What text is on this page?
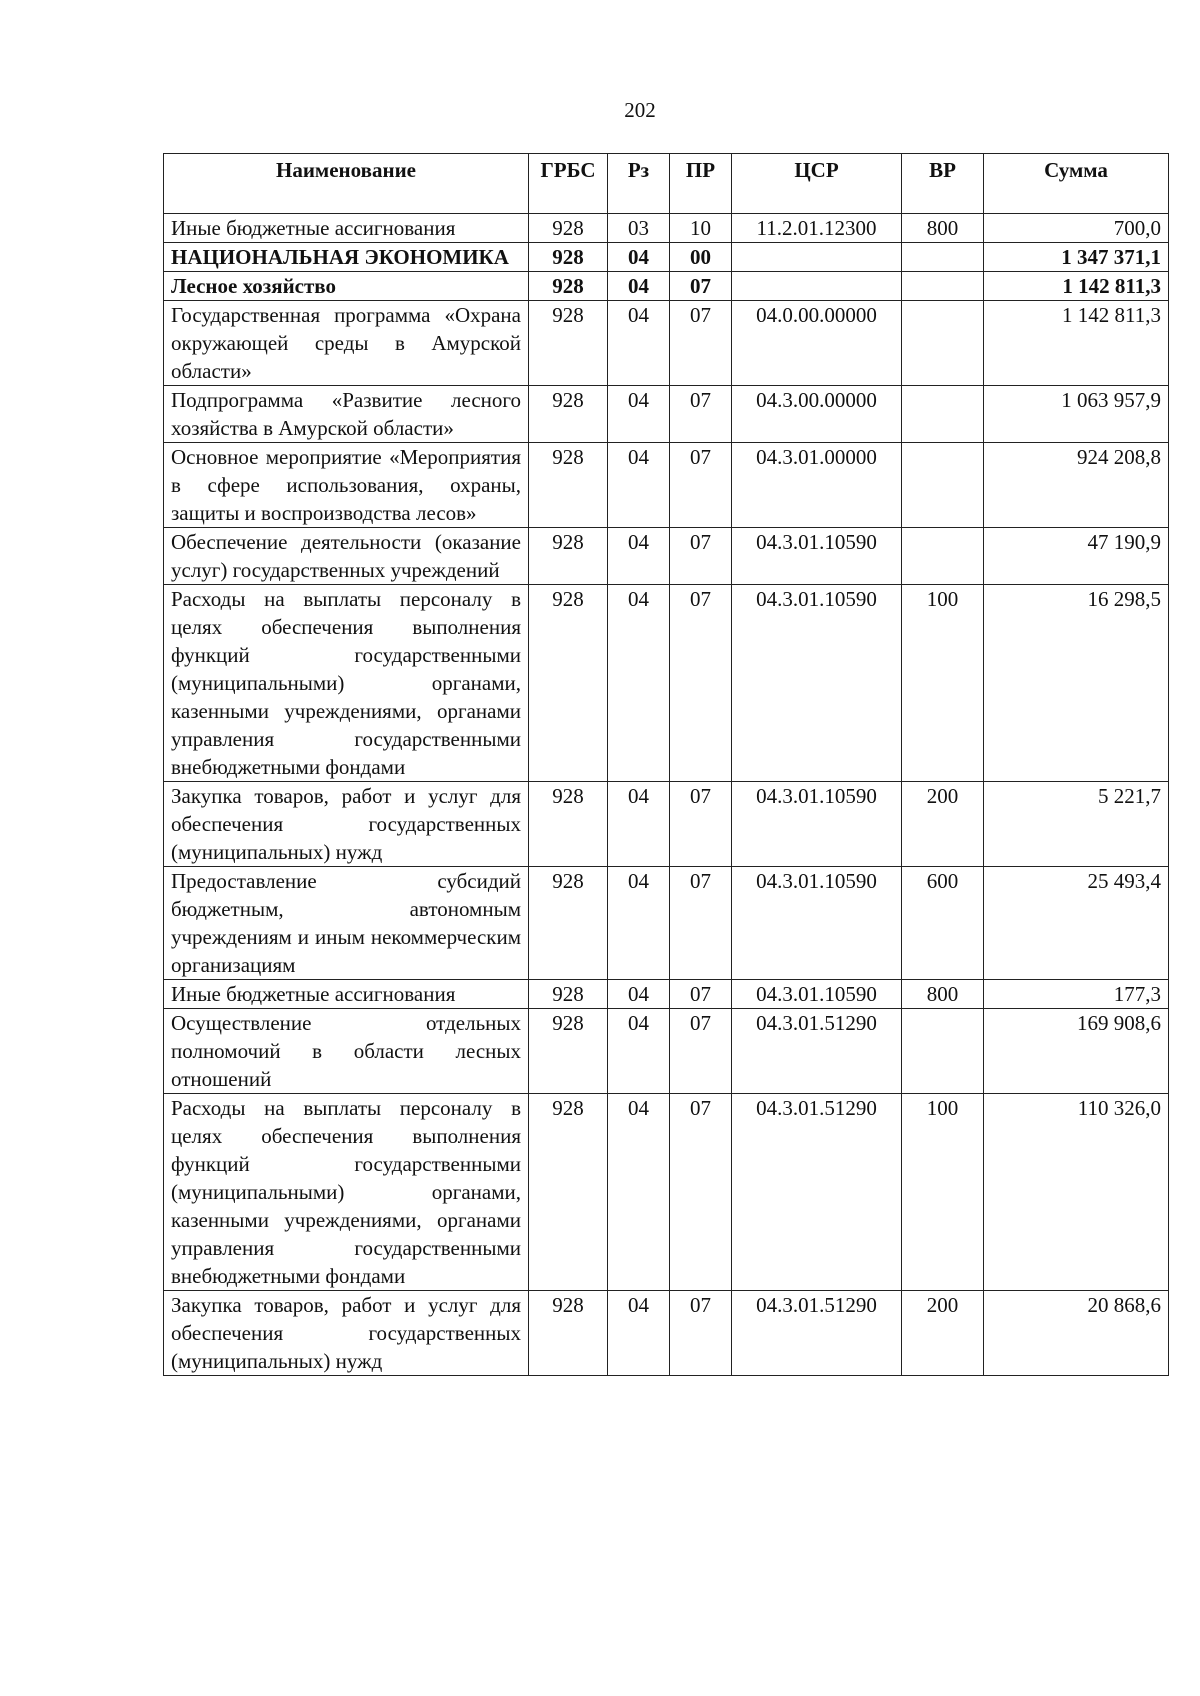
202
Наименование	ГРБС	Рз	ПР	ЦСР	ВР	Сумма
Иные бюджетные ассигнования	928	03	10	11.2.01.12300	800	700,0
НАЦИОНАЛЬНАЯ ЭКОНОМИКА	928	04	00			1 347 371,1
Лесное хозяйство	928	04	07			1 142 811,3
Государственная программа «Охрана окружающей среды в Амурской области»	928	04	07	04.0.00.00000		1 142 811,3
Подпрограмма «Развитие лесного хозяйства в Амурской области»	928	04	07	04.3.00.00000		1 063 957,9
Основное мероприятие «Мероприятия в сфере использования, охраны, защиты и воспроизводства лесов»	928	04	07	04.3.01.00000		924 208,8
Обеспечение деятельности (оказание услуг) государственных учреждений	928	04	07	04.3.01.10590		47 190,9
Расходы на выплаты персоналу в целях обеспечения выполнения функций государственными (муниципальными) органами, казенными учреждениями, органами управления государственными внебюджетными фондами	928	04	07	04.3.01.10590	100	16 298,5
Закупка товаров, работ и услуг для обеспечения государственных (муниципальных) нужд	928	04	07	04.3.01.10590	200	5 221,7
Предоставление субсидий бюджетным, автономным учреждениям и иным некоммерческим организациям	928	04	07	04.3.01.10590	600	25 493,4
Иные бюджетные ассигнования	928	04	07	04.3.01.10590	800	177,3
Осуществление отдельных полномочий в области лесных отношений	928	04	07	04.3.01.51290		169 908,6
Расходы на выплаты персоналу в целях обеспечения выполнения функций государственными (муниципальными) органами, казенными учреждениями, органами управления государственными внебюджетными фондами	928	04	07	04.3.01.51290	100	110 326,0
Закупка товаров, работ и услуг для обеспечения государственных (муниципальных) нужд	928	04	07	04.3.01.51290	200	20 868,6
